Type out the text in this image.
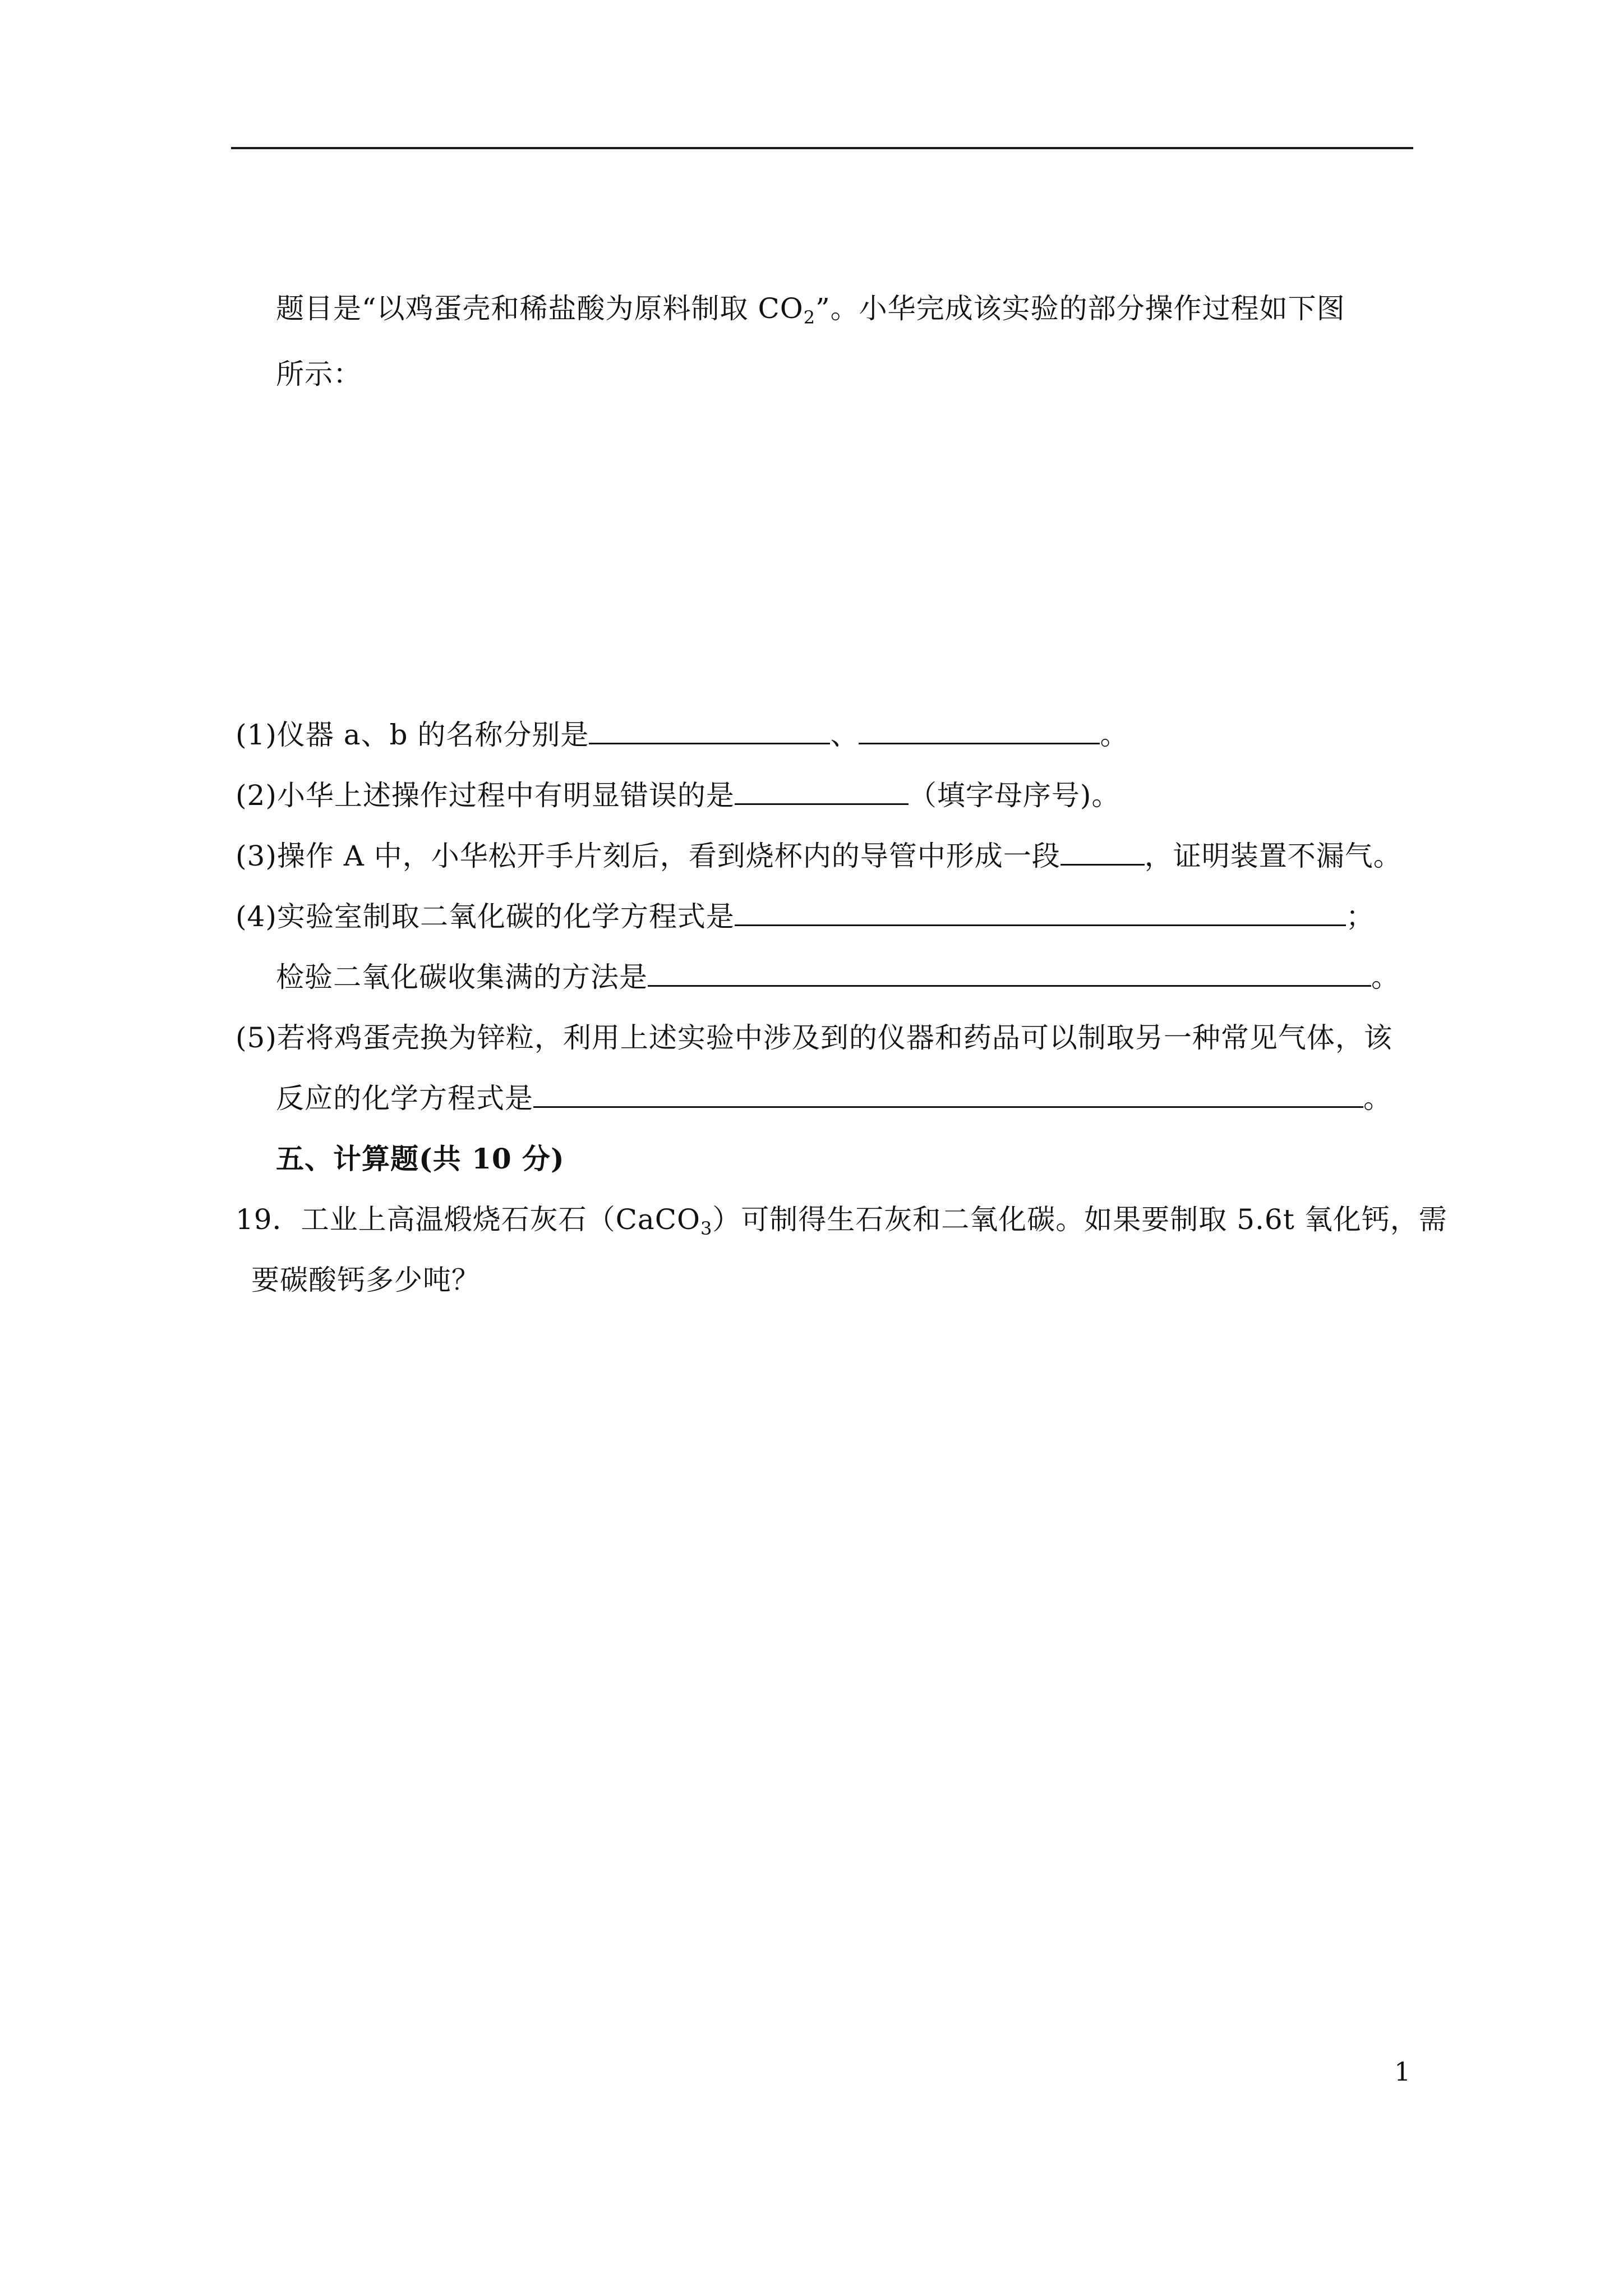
题目是“以鸡蛋壳和稀盐酸为原料制取 $CO_2$”。小华完成该实验的部分操作过程如下图
所示：
(1)仪器 a、b 的名称分别是	、	。
(2)小华上述操作过程中有明显错误的是	（填字母序号)。
(3)操作 A 中，小华松开手片刻后，看到烧杯内的导管中形成一段	，证明装置不漏气。
(4)实验室制取二氧化碳的化学方程式是	；
检验二氧化碳收集满的方法是	。
(5)若将鸡蛋壳换为锌粒，利用上述实验中涉及到的仪器和药品可以制取另一种常见气体，该
反应的化学方程式是	。
五、计算题(共 10 分)
19．工业上高温煅烧石灰石（CaCO$_3$）可制得生石灰和二氧化碳。如果要制取 5.6t 氧化钙，需
要碳酸钙多少吨？
1
